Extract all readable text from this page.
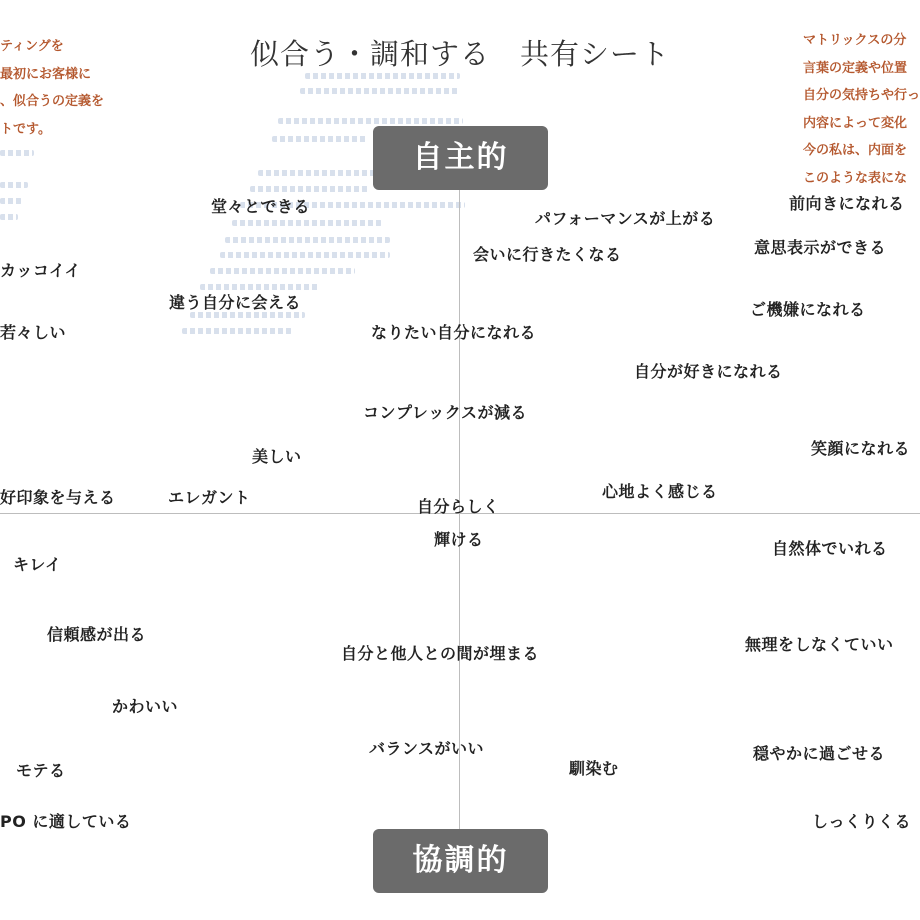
似合う・調和する　共有シート
ティングを
最初にお客様に
、似合うの定義を
トです。
マトリックスの分
言葉の定義や位置
自分の気持ちや行っ
内容によって変化
今の私は、内面を
このような表にな
自主的
協調的
堂々とできる
パフォーマンスが上がる
前向きになれる
会いに行きたくなる	意思表示ができる
カッコイイ
違う自分に会える	ご機嫌になれる
若々しい	なりたい自分になれる
自分が好きになれる
コンプレックスが減る
美しい	笑顔になれる
好印象を与える	エレガント	心地よく感じる
自分らしく
輝ける	自然体でいれる
キレイ
信頼感が出る
無理をしなくていい
自分と他人との間が埋まる
かわいい
バランスがいい	穏やかに過ごせる
馴染む
モテる
PO に適している	しっくりくる
